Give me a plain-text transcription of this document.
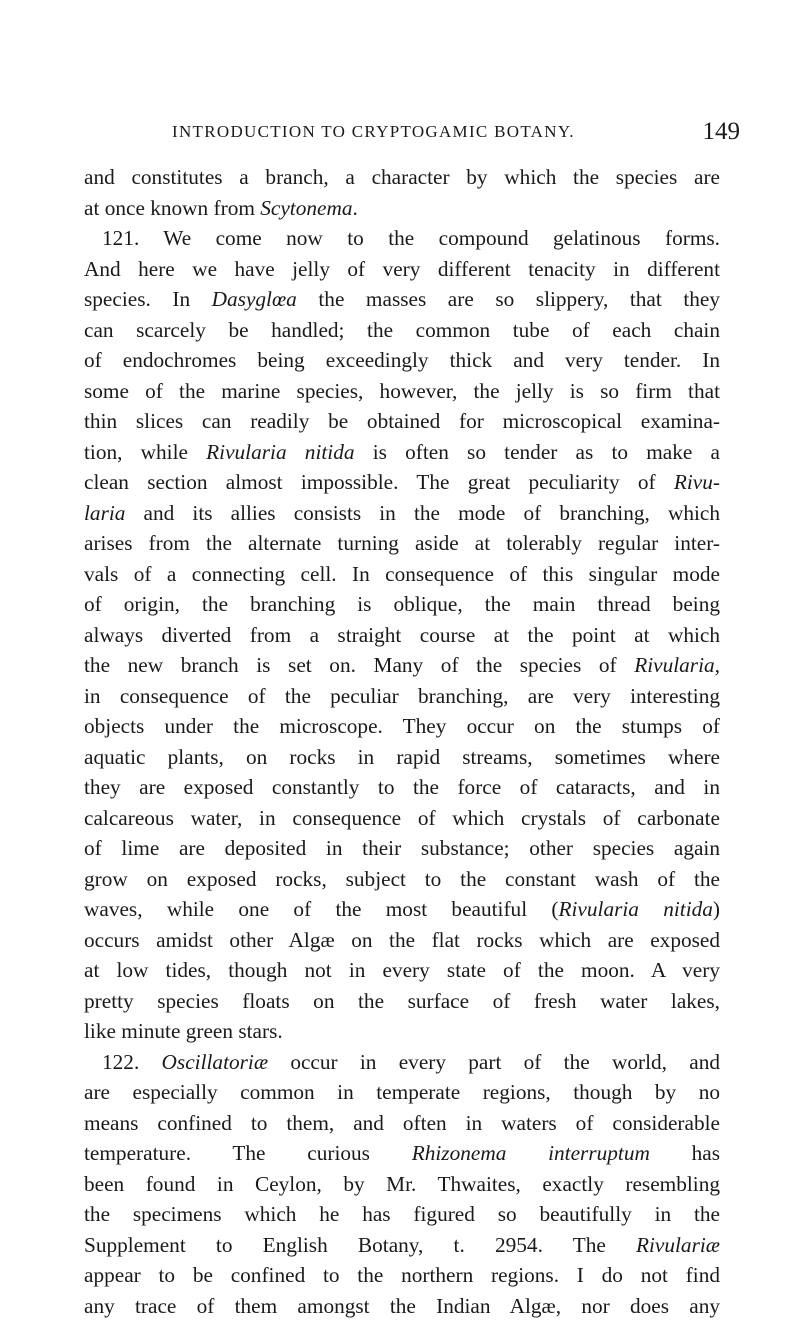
INTRODUCTION TO CRYPTOGAMIC BOTANY.	149
and constitutes a branch, a character by which the species are
at once known from Scytonema.
121. We come now to the compound gelatinous forms.
And here we have jelly of very different tenacity in different
species. In Dasyglœa the masses are so slippery, that they
can scarcely be handled; the common tube of each chain
of endochromes being exceedingly thick and very tender. In
some of the marine species, however, the jelly is so firm that
thin slices can readily be obtained for microscopical examina-
tion, while Rivularia nitida is often so tender as to make a
clean section almost impossible. The great peculiarity of Rivu-
laria and its allies consists in the mode of branching, which
arises from the alternate turning aside at tolerably regular inter-
vals of a connecting cell. In consequence of this singular mode
of origin, the branching is oblique, the main thread being
always diverted from a straight course at the point at which
the new branch is set on. Many of the species of Rivularia,
in consequence of the peculiar branching, are very interesting
objects under the microscope. They occur on the stumps of
aquatic plants, on rocks in rapid streams, sometimes where
they are exposed constantly to the force of cataracts, and in
calcareous water, in consequence of which crystals of carbonate
of lime are deposited in their substance; other species again
grow on exposed rocks, subject to the constant wash of the
waves, while one of the most beautiful (Rivularia nitida)
occurs amidst other Algæ on the flat rocks which are exposed
at low tides, though not in every state of the moon. A very
pretty species floats on the surface of fresh water lakes,
like minute green stars.
122. Oscillatoriæ occur in every part of the world, and
are especially common in temperate regions, though by no
means confined to them, and often in waters of considerable
temperature. The curious Rhizonema interruptum has
been found in Ceylon, by Mr. Thwaites, exactly resembling
the specimens which he has figured so beautifully in the
Supplement to English Botany, t. 2954. The Rivulariæ
appear to be confined to the northern regions. I do not find
any trace of them amongst the Indian Algæ, nor does any
